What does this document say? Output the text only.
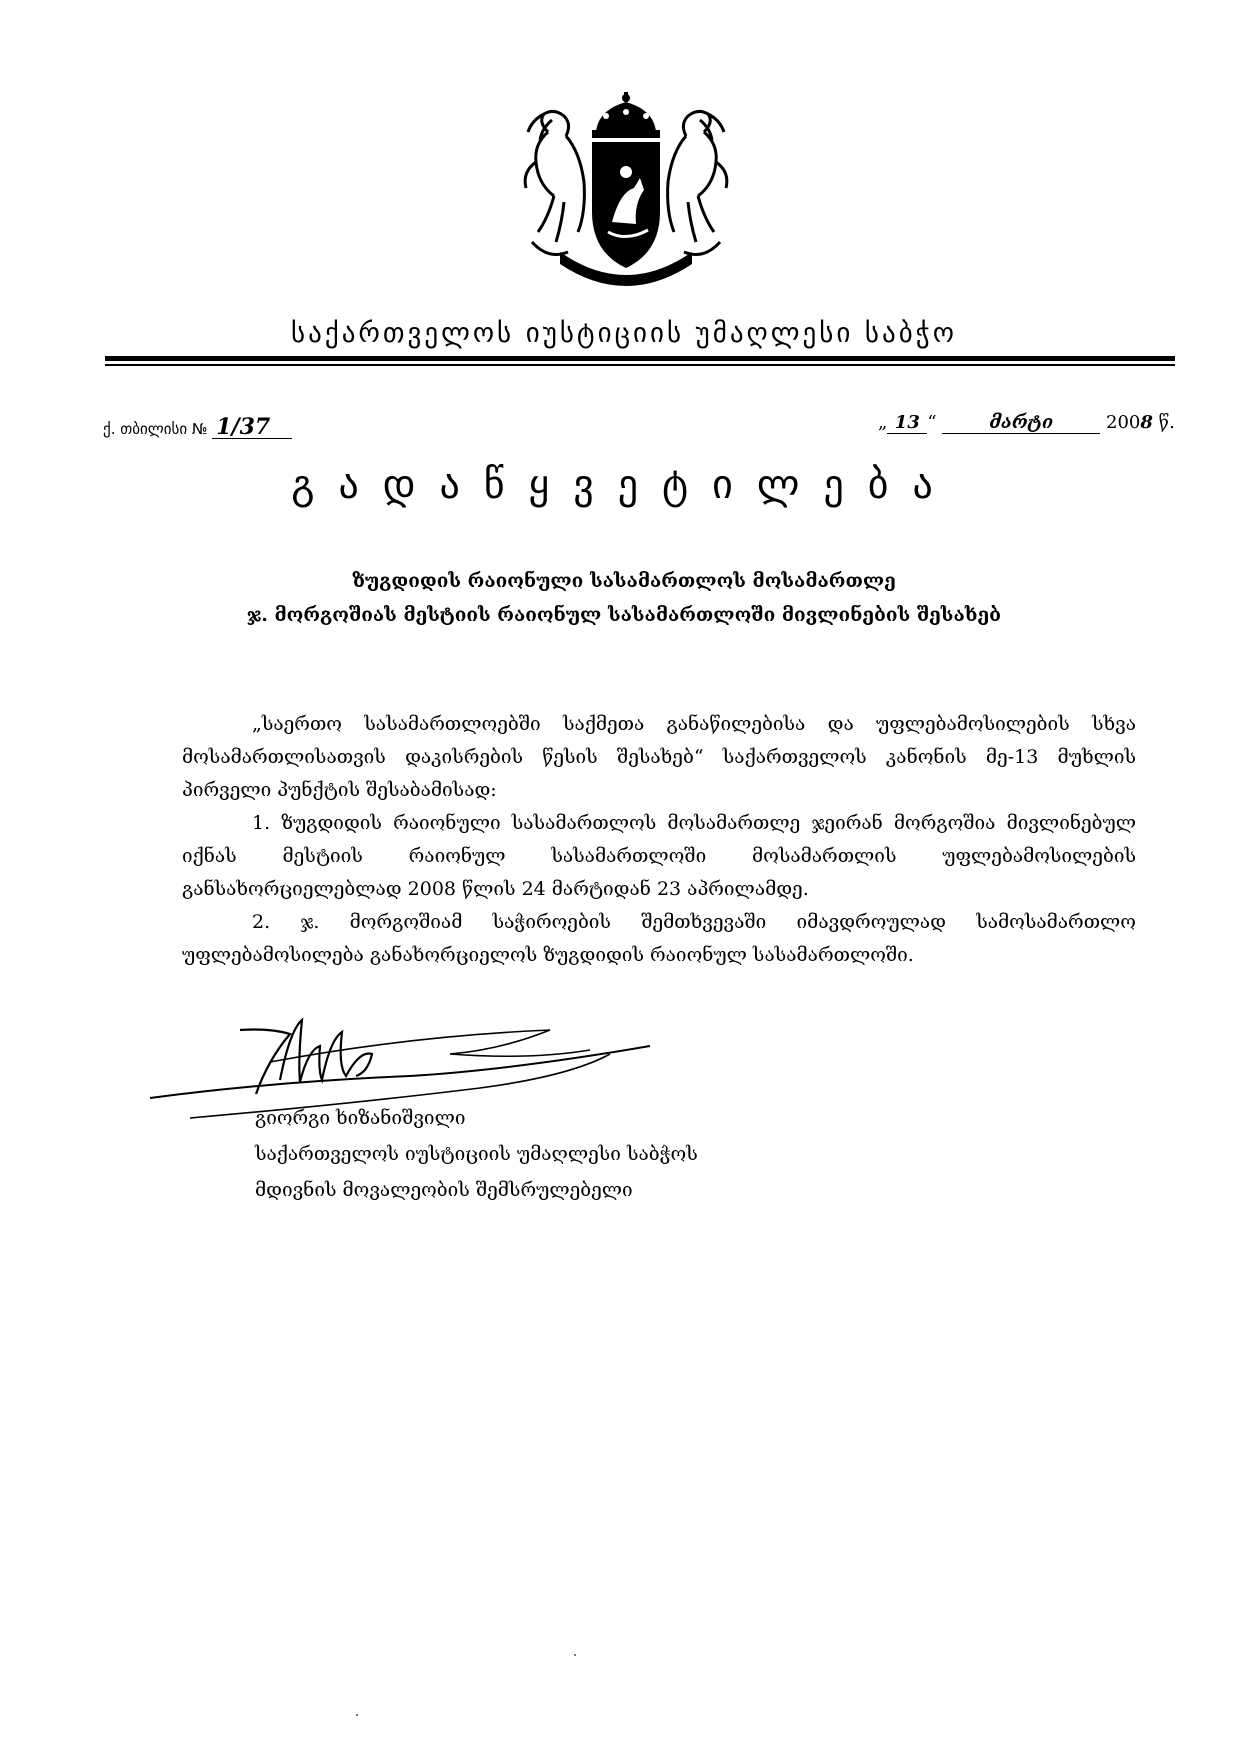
საქართველოს იუსტიციის უმაღლესი საბჭო
ქ. თბილისი № 1/37	„ 13 “	მარტი	2008 წ.
გადაწყვეტილება
ზუგდიდის რაიონული სასამართლოს მოსამართლე
ჯ. მორგოშიას მესტიის რაიონულ სასამართლოში მივლინების შესახებ

„საერთო სასამართლოებში საქმეთა განაწილებისა და უფლებამოსილების სხვა მოსამართლისათვის დაკისრების წესის შესახებ“ საქართველოს კანონის მე-13 მუხლის პირველი პუნქტის შესაბამისად:

1. ზუგდიდის რაიონული სასამართლოს მოსამართლე ჯეირან მორგოშია მივლინებულ იქნას მესტიის რაიონულ სასამართლოში მოსამართლის უფლებამოსილების განსახორციელებლად 2008 წლის 24 მარტიდან 23 აპრილამდე.

2. ჯ. მორგოშიამ საჭიროების შემთხვევაში იმავდროულად სამოსამართლო უფლებამოსილება განახორციელოს ზუგდიდის რაიონულ სასამართლოში.

გიორგი ხიზანიშვილი
საქართველოს იუსტიციის უმაღლესი საბჭოს
მდივნის მოვალეობის შემსრულებელი
